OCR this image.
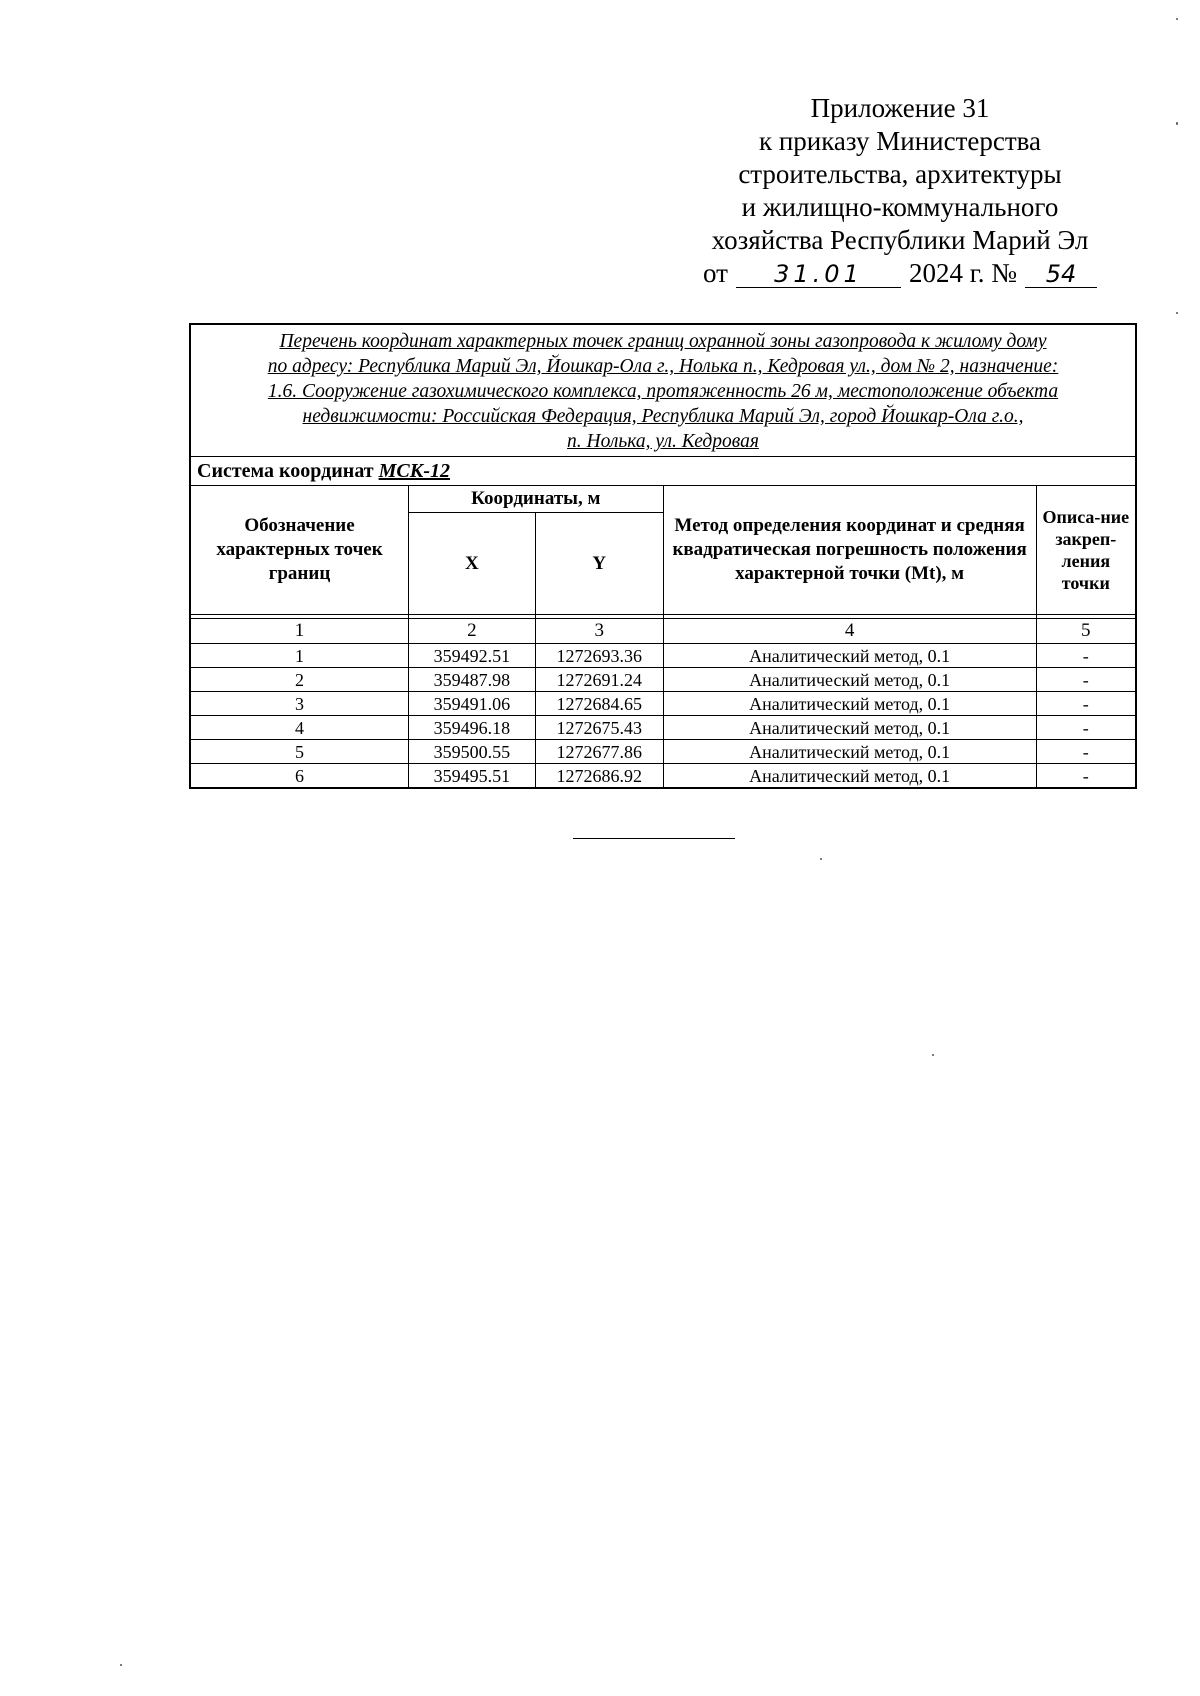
Приложение 31
к приказу Министерства
строительства, архитектуры
и жилищно-коммунального
хозяйства Республики Марий Эл
от	31.01	2024 г. №	54
Перечень координат характерных точек границ охранной зоны газопровода к жилому дому
по адресу: Республика Марий Эл, Йошкар-Ола г., Нолька п., Кедровая ул., дом № 2, назначение:
1.6. Сооружение газохимического комплекса, протяженность 26 м, местоположение объекта
недвижимости: Российская Федерация, Республика Марий Эл, город Йошкар-Ола г.о.,
п. Нолька, ул. Кедровая				

Система координат МСК-12				
Обозначение характерных точек границ	Координаты, м		Метод определения координат и средняя квадратическая погрешность положения характерной точки (Mt), м	Описа-ние закреп-ления точки
	X	Y		

1	2	3	4	5
1	359492.51	1272693.36	Аналитический метод, 0.1	-
2	359487.98	1272691.24	Аналитический метод, 0.1	-
3	359491.06	1272684.65	Аналитический метод, 0.1	-
4	359496.18	1272675.43	Аналитический метод, 0.1	-
5	359500.55	1272677.86	Аналитический метод, 0.1	-
6	359495.51	1272686.92	Аналитический метод, 0.1	-
